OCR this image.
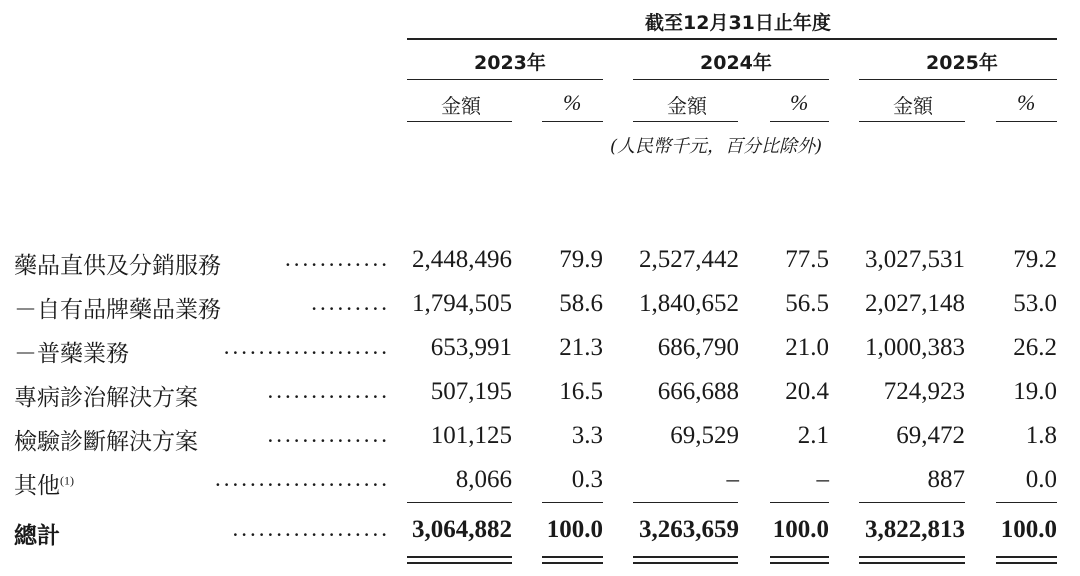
截至12月31日止年度
2023年	2024年	2025年
金額	%	金額	%	金額	%
(人民幣千元，百分比除外)
藥品直供及分銷服務	............ 2,448,496 79.9 2,527,442 77.5 3,027,531 79.2
－自有品牌藥品業務	......... 1,794,505 58.6 1,840,652 56.5 2,027,148 53.0
－普藥業務	................... 653,991 21.3 686,790 21.0 1,000,383 26.2
專病診治解決方案	.............. 507,195 16.5 666,688 20.4 724,923 19.0
檢驗診斷解決方案	.............. 101,125 3.3	69,529 2.1	69,472 1.8
其他$^{(1)}$	....................	8,066 0.3	–	–	887 0.0
總計	.................. 3,064,882 100.0 3,263,659 100.0 3,822,813 100.0
